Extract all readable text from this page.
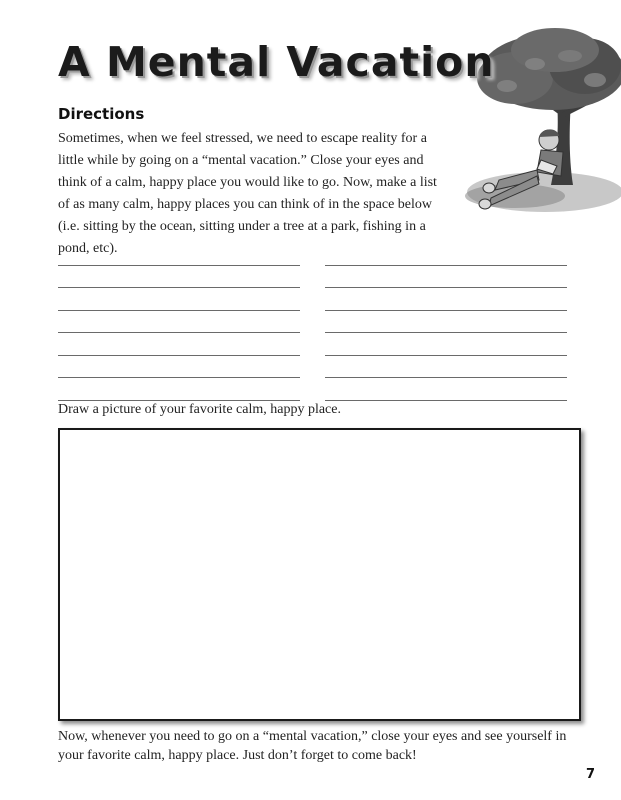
A Mental Vacation
Directions

Sometimes, when we feel stressed, we need to escape reality for a little while by going on a “mental vacation.” Close your eyes and think of a calm, happy place you would like to go. Now, make a list of as many calm, happy places you can think of in the space below (i.e. sitting by the ocean, sitting under a tree at a park, fishing in a pond, etc).

Draw a picture of your favorite calm, happy place.

Now, whenever you need to go on a “mental vacation,” close your eyes and see yourself in your favorite calm, happy place. Just don’t forget to come back!

7
